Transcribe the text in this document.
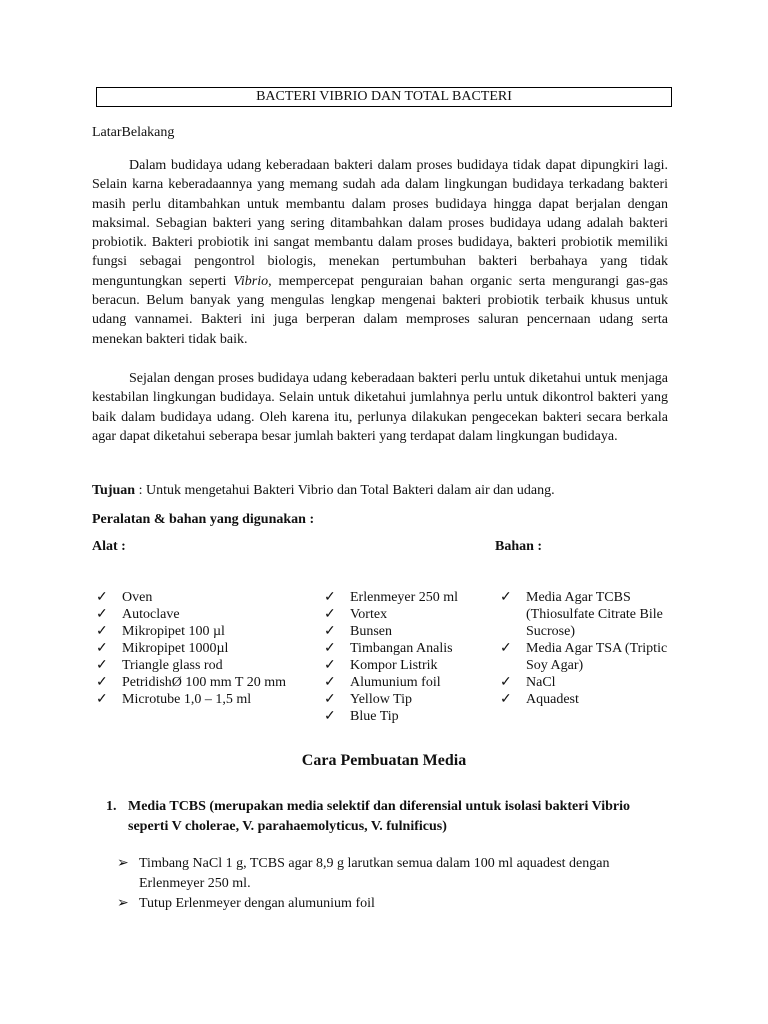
BACTERI VIBRIO DAN TOTAL BACTERI
LatarBelakang
Dalam budidaya udang keberadaan bakteri dalam proses budidaya tidak dapat dipungkiri lagi. Selain karna keberadaannya yang memang sudah ada dalam lingkungan budidaya terkadang bakteri masih perlu ditambahkan untuk membantu dalam proses budidaya hingga dapat berjalan dengan maksimal. Sebagian bakteri yang sering ditambahkan dalam proses budidaya udang adalah bakteri probiotik. Bakteri probiotik ini sangat membantu dalam proses budidaya, bakteri probiotik memiliki fungsi sebagai pengontrol biologis, menekan pertumbuhan bakteri berbahaya yang tidak menguntungkan seperti Vibrio, mempercepat penguraian bahan organic serta mengurangi gas-gas beracun. Belum banyak yang mengulas lengkap mengenai bakteri probiotik terbaik khusus untuk udang vannamei. Bakteri ini juga berperan dalam memproses saluran pencernaan udang serta menekan bakteri tidak baik.
Sejalan dengan proses budidaya udang keberadaan bakteri perlu untuk diketahui untuk menjaga kestabilan lingkungan budidaya. Selain untuk diketahui jumlahnya perlu untuk dikontrol bakteri yang baik dalam budidaya udang. Oleh karena itu, perlunya dilakukan pengecekan bakteri secara berkala agar dapat diketahui seberapa besar jumlah bakteri yang terdapat dalam lingkungan budidaya.
Tujuan : Untuk mengetahui Bakteri Vibrio dan Total Bakteri dalam air dan udang.
Peralatan & bahan yang digunakan :
Alat :	Bahan :
✓ Oven
✓ Autoclave
✓ Mikropipet 100 µl
✓ Mikropipet 1000µl
✓ Triangle glass rod
✓ PetridishØ 100 mm T 20 mm
✓ Microtube 1,0 – 1,5 ml
✓ Erlenmeyer 250 ml
✓ Vortex
✓ Bunsen
✓ Timbangan Analis
✓ Kompor Listrik
✓ Alumunium foil
✓ Yellow Tip
✓ Blue Tip
✓ Media Agar TCBS (Thiosulfate Citrate Bile Sucrose)
✓ Media Agar TSA (Triptic Soy Agar)
✓ NaCl
✓ Aquadest
Cara Pembuatan Media
1. Media TCBS (merupakan media selektif dan diferensial untuk isolasi bakteri Vibrio seperti V cholerae, V. parahaemolyticus, V. fulnificus)
➢ Timbang NaCl 1 g, TCBS agar 8,9 g larutkan semua dalam 100 ml aquadest dengan Erlenmeyer 250 ml.
➢ Tutup Erlenmeyer dengan alumunium foil
